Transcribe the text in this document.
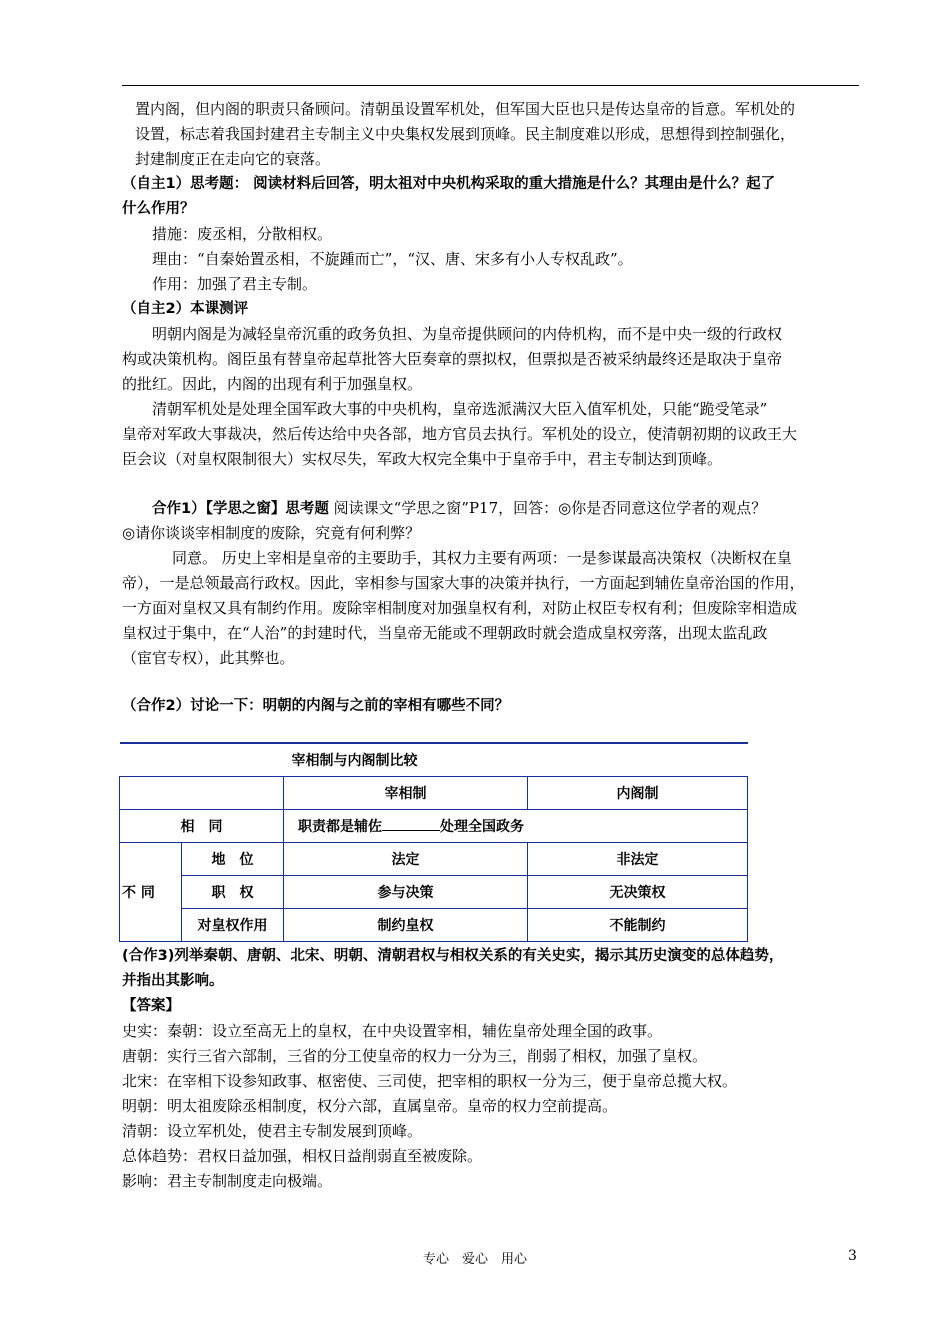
置内阁，但内阁的职责只备顾问。清朝虽设置军机处，但军国大臣也只是传达皇帝的旨意。军机处的
设置，标志着我国封建君主专制主义中央集权发展到顶峰。民主制度难以形成，思想得到控制强化，
封建制度正在走向它的衰落。
（自主1）思考题： 阅读材料后回答，明太祖对中央机构采取的重大措施是什么？其理由是什么？起了
什么作用？
措施：废丞相，分散相权。
理由：“自秦始置丞相，不旋踵而亡”，“汉、唐、宋多有小人专权乱政”。
作用：加强了君主专制。
（自主2）本课测评
明朝内阁是为减轻皇帝沉重的政务负担、为皇帝提供顾问的内侍机构，而不是中央一级的行政权
构或决策机构。阁臣虽有替皇帝起草批答大臣奏章的票拟权，但票拟是否被采纳最终还是取决于皇帝
的批红。因此，内阁的出现有利于加强皇权。
清朝军机处是处理全国军政大事的中央机构，皇帝选派满汉大臣入值军机处，只能“跪受笔录”
皇帝对军政大事裁决，然后传达给中央各部，地方官员去执行。军机处的设立，使清朝初期的议政王大
臣会议（对皇权限制很大）实权尽失，军政大权完全集中于皇帝手中，君主专制达到顶峰。
合作1）【学思之窗】思考题 阅读课文“学思之窗”P17，回答：◎你是否同意这位学者的观点？
◎请你谈谈宰相制度的废除，究竟有何利弊？
同意。 历史上宰相是皇帝的主要助手，其权力主要有两项：一是参谋最高决策权（决断权在皇
帝），一是总领最高行政权。因此，宰相参与国家大事的决策并执行，一方面起到辅佐皇帝治国的作用，
一方面对皇权又具有制约作用。废除宰相制度对加强皇权有利，对防止权臣专权有利；但废除宰相造成
皇权过于集中，在“人治”的封建时代，当皇帝无能或不理朝政时就会造成皇权旁落，出现太监乱政
（宦官专权），此其弊也。
（合作2）讨论一下：明朝的内阁与之前的宰相有哪些不同？
宰相制与内阁制比较			
		宰相制	内阁制
相　同		职责都是辅佐 处理全国政务	
不 同	地　位	法定	非法定
	职　权	参与决策	无决策权
	对皇权作用	制约皇权	不能制约
(合作3)列举秦朝、唐朝、北宋、明朝、清朝君权与相权关系的有关史实，揭示其历史演变的总体趋势，
并指出其影响。
【答案】
史实：秦朝：设立至高无上的皇权，在中央设置宰相，辅佐皇帝处理全国的政事。
唐朝：实行三省六部制，三省的分工使皇帝的权力一分为三，削弱了相权，加强了皇权。
北宋：在宰相下设参知政事、枢密使、三司使，把宰相的职权一分为三，便于皇帝总揽大权。
明朝：明太祖废除丞相制度，权分六部，直属皇帝。皇帝的权力空前提高。
清朝：设立军机处，使君主专制发展到顶峰。
总体趋势：君权日益加强，相权日益削弱直至被废除。
影响：君主专制制度走向极端。
专心　爱心　用心	3
